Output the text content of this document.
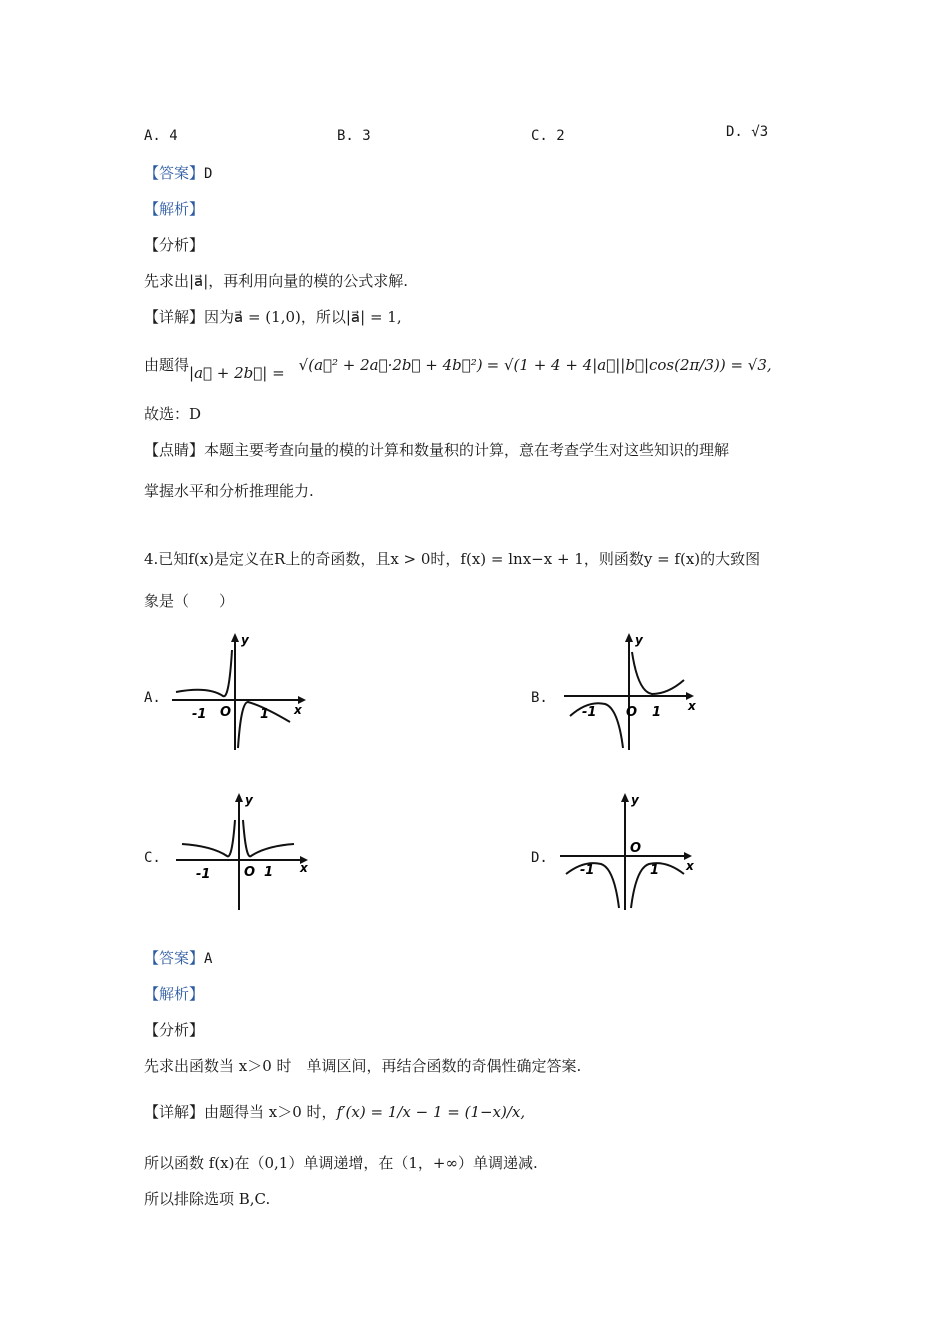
A. 4	B. 3	C. 2	D. √3
【答案】D
【解析】
【分析】
先求出|a⃗|，再利用向量的模的公式求解.
【详解】因为a⃗ = (1,0)，所以|a⃗| = 1,
由题得|a⃗ + 2b⃗| = √(a⃗² + 2a⃗·2b⃗ + 4b⃗²) = √(1 + 4 + 4|a⃗||b⃗|cos(2π/3)) = √3,
故选：D
【点睛】本题主要考查向量的模的计算和数量积的计算，意在考查学生对这些知识的理解
掌握水平和分析推理能力.
4.已知f(x)是定义在R上的奇函数，且x > 0时，f(x) = lnx−x + 1，则函数y = f(x)的大致图
象是（　　）
A.	B.
C.	D.
y
x
-1 O 1
y
x
-1 O 1
y
x
-1	O 1
y
x
-1
O
1
【答案】A
【解析】
【分析】
先求出函数当 x＞0 时　单调区间，再结合函数的奇偶性确定答案.
【详解】由题得当 x＞0 时，f′(x) = 1/x − 1 = (1−x)/x,
所以函数 f(x)在（0,1）单调递增，在（1，+∞）单调递减.
所以排除选项 B,C.
